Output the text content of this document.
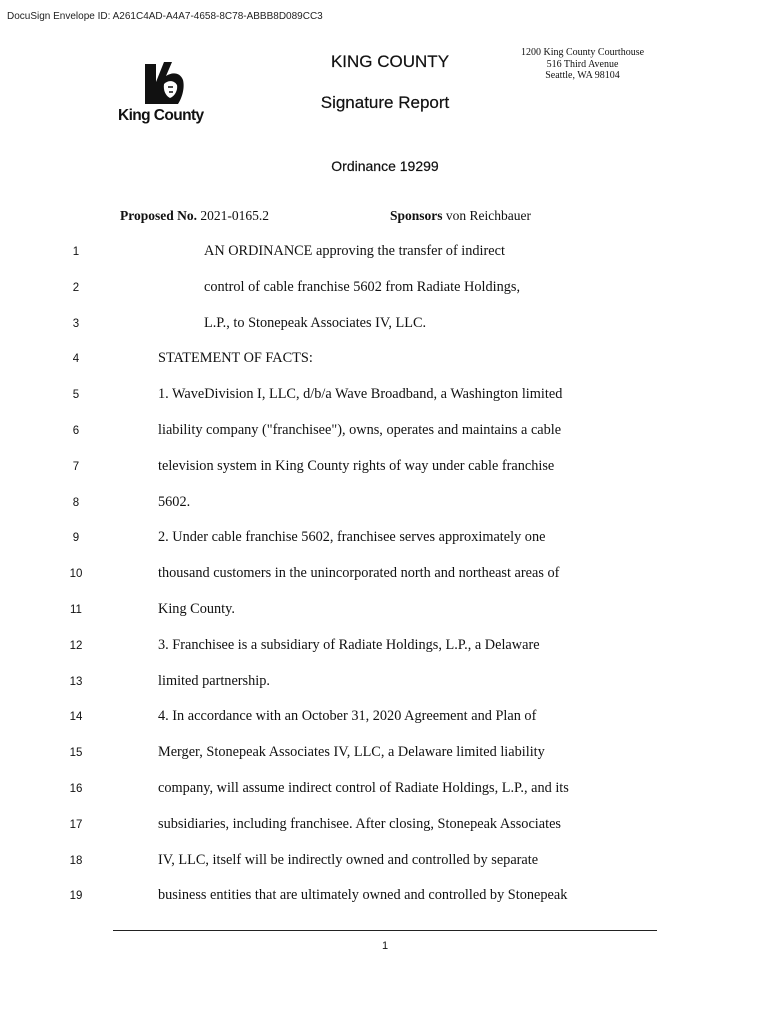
DocuSign Envelope ID: A261C4AD-A4A7-4658-8C78-ABBB8D089CC3
King County
KING COUNTY
Signature Report
1200 King County Courthouse
516 Third Avenue
Seattle, WA 98104
Ordinance 19299
Proposed No. 2021-0165.2	Sponsors von Reichbauer
1	AN ORDINANCE approving the transfer of indirect
2	control of cable franchise 5602 from Radiate Holdings,
3	L.P., to Stonepeak Associates IV, LLC.
4	STATEMENT OF FACTS:
5	1. WaveDivision I, LLC, d/b/a Wave Broadband, a Washington limited
6	liability company ("franchisee"), owns, operates and maintains a cable
7	television system in King County rights of way under cable franchise
8	5602.
9	2. Under cable franchise 5602, franchisee serves approximately one
10	thousand customers in the unincorporated north and northeast areas of
11	King County.
12	3. Franchisee is a subsidiary of Radiate Holdings, L.P., a Delaware
13	limited partnership.
14	4. In accordance with an October 31, 2020 Agreement and Plan of
15	Merger, Stonepeak Associates IV, LLC, a Delaware limited liability
16	company, will assume indirect control of Radiate Holdings, L.P., and its
17	subsidiaries, including franchisee. After closing, Stonepeak Associates
18	IV, LLC, itself will be indirectly owned and controlled by separate
19	business entities that are ultimately owned and controlled by Stonepeak
1
